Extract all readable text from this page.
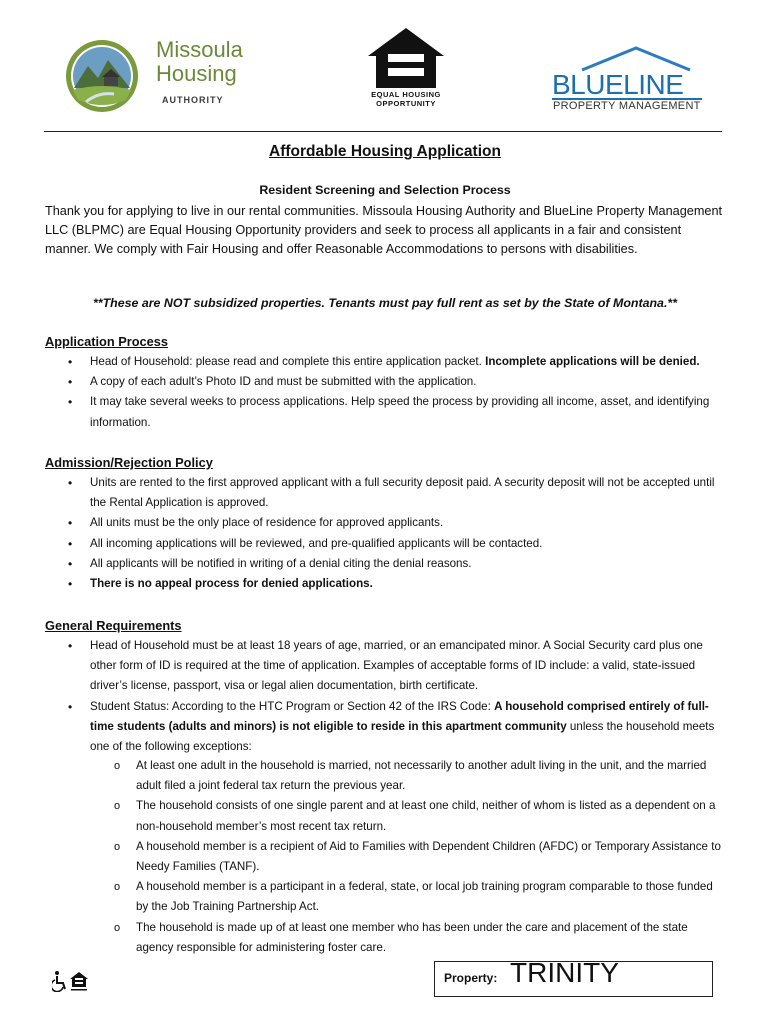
Missoula
Housing
AUTHORITY
EQUAL HOUSING
OPPORTUNITY
BLUELINE
PROPERTY MANAGEMENT
Affordable Housing Application
Resident Screening and Selection Process
Thank you for applying to live in our rental communities. Missoula Housing Authority and BlueLine Property Management LLC (BLPMC) are Equal Housing Opportunity providers and seek to process all applicants in a fair and consistent manner. We comply with Fair Housing and offer Reasonable Accommodations to persons with disabilities.
**These are NOT subsidized properties. Tenants must pay full rent as set by the State of Montana.**
Application Process
• Head of Household: please read and complete this entire application packet. Incomplete applications will be denied.
• A copy of each adult’s Photo ID and must be submitted with the application.
• It may take several weeks to process applications. Help speed the process by providing all income, asset, and identifying information.
Admission/Rejection Policy
• Units are rented to the first approved applicant with a full security deposit paid. A security deposit will not be accepted until the Rental Application is approved.
• All units must be the only place of residence for approved applicants.
• All incoming applications will be reviewed, and pre-qualified applicants will be contacted.
• All applicants will be notified in writing of a denial citing the denial reasons.
• There is no appeal process for denied applications.
General Requirements
• Head of Household must be at least 18 years of age, married, or an emancipated minor. A Social Security card plus one other form of ID is required at the time of application. Examples of acceptable forms of ID include: a valid, state-issued driver’s license, passport, visa or legal alien documentation, birth certificate.
• Student Status: According to the HTC Program or Section 42 of the IRS Code: A household comprised entirely of full-time students (adults and minors) is not eligible to reside in this apartment community unless the household meets one of the following exceptions:
o At least one adult in the household is married, not necessarily to another adult living in the unit, and the married adult filed a joint federal tax return the previous year.
o The household consists of one single parent and at least one child, neither of whom is listed as a dependent on a non-household member’s most recent tax return.
o A household member is a recipient of Aid to Families with Dependent Children (AFDC) or Temporary Assistance to Needy Families (TANF).
o A household member is a participant in a federal, state, or local job training program comparable to those funded by the Job Training Partnership Act.
o The household is made up of at least one member who has been under the care and placement of the state agency responsible for administering foster care.
Property: TRINITY
